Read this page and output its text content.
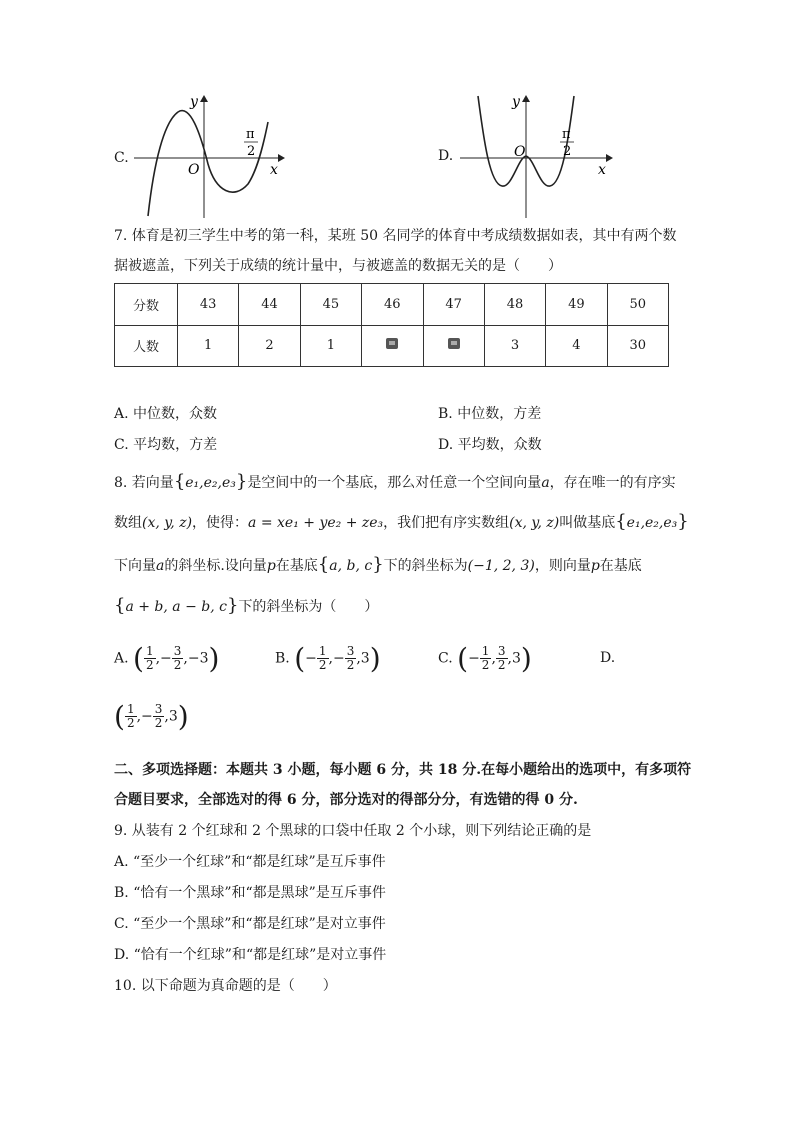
C.
y
x
O
π
2	D.
y
x
O
π
2
7. 体育是初三学生中考的第一科，某班 50 名同学的体育中考成绩数据如表，其中有两个数
据被遮盖，下列关于成绩的统计量中，与被遮盖的数据无关的是（　　）
分数	43	44	45	46	47	48	49	50
人数	1	2	1			3	4	30
A. 中位数，众数	B. 中位数，方差
C. 平均数，方差	D. 平均数，众数
8. 若向量{e₁,e₂,e₃}是空间中的一个基底，那么对任意一个空间向量a，存在唯一的有序实
数组(x, y, z)，使得：a = xe₁ + ye₂ + ze₃，我们把有序实数组(x, y, z)叫做基底{e₁,e₂,e₃}
下向量a的斜坐标.设向量p在基底{a, b, c}下的斜坐标为(−1, 2, 3)，则向量p在基底
{a + b, a − b, c}下的斜坐标为（　　）
A. ( $\frac{1}{2}$ ,− $\frac{3}{2} ,-3$)	B. (− $\frac{1}{2}$ ,− $\frac{3}{2} ,3$)	C. (− $\frac{1}{2}$ , $\frac{3}{2} ,3$)	D.
( $\frac{1}{2}$ ,− $\frac{3}{2} ,3$)
二、多项选择题：本题共 3 小题，每小题 6 分，共 18 分.在每小题给出的选项中，有多项符
合题目要求，全部选对的得 6 分，部分选对的得部分分，有选错的得 0 分.
9. 从装有 2 个红球和 2 个黑球的口袋中任取 2 个小球，则下列结论正确的是
A. “至少一个红球”和“都是红球”是互斥事件
B. “恰有一个黑球”和“都是黑球”是互斥事件
C. “至少一个黑球”和“都是红球”是对立事件
D. “恰有一个红球”和“都是红球”是对立事件
10. 以下命题为真命题的是（　　）
